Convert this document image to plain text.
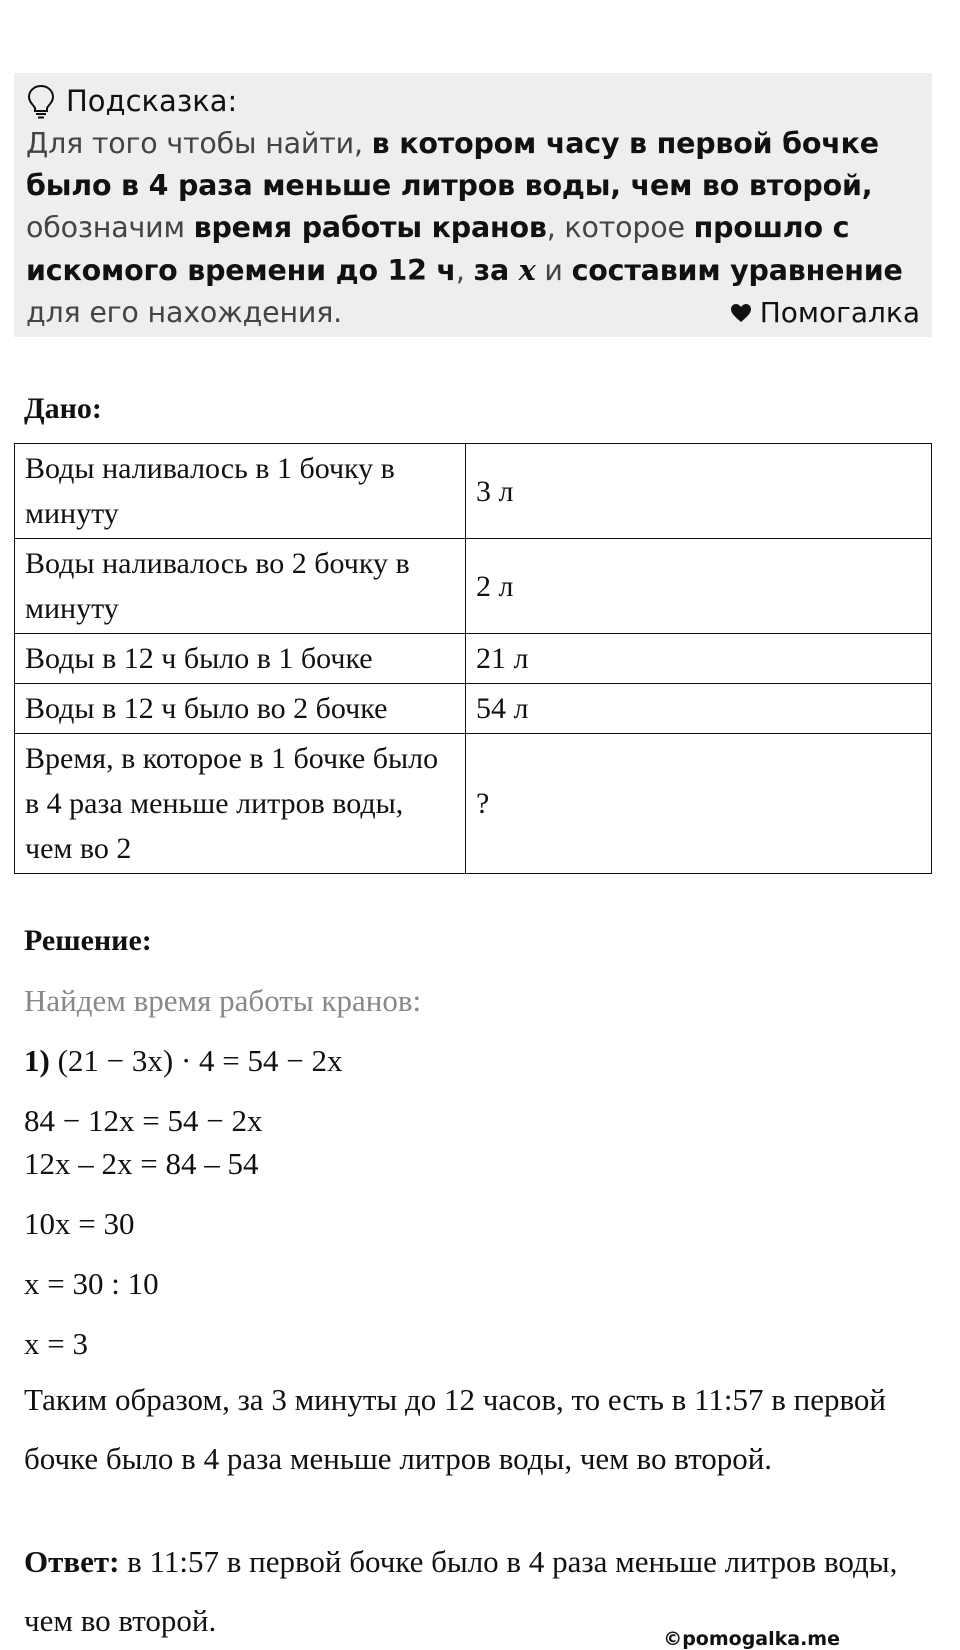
Подсказка:
Для того чтобы найти, в котором часу в первой бочке было в 4 раза меньше литров воды, чем во второй, обозначим время работы кранов, которое прошло с искомого времени до 12 ч, за x и составим уравнение для его нахождения.	Помогалка
Дано:
Воды наливалось в 1 бочку в минуту	3 л
Воды наливалось во 2 бочку в минуту	2 л
Воды в 12 ч было в 1 бочке	21 л
Воды в 12 ч было во 2 бочке	54 л
Время, в которое в 1 бочке было в 4 раза меньше литров воды, чем во 2	?
Решение:
Найдем время работы кранов:
1) (21 − 3x) · 4 = 54 − 2x
84 − 12x = 54 − 2x
12x – 2x = 84 – 54
10x = 30
x = 30 : 10
x = 3
Таким образом, за 3 минуты до 12 часов, то есть в 11:57 в первой бочке было в 4 раза меньше литров воды, чем во второй.
Ответ: в 11:57 в первой бочке было в 4 раза меньше литров воды, чем во второй.
©pomogalka.me
